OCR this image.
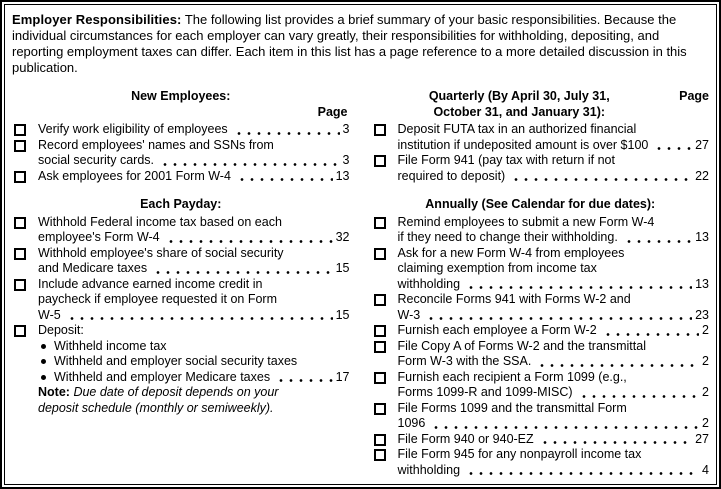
Employer Responsibilities: The following list provides a brief summary of your basic responsibilities. Because the individual circumstances for each employer can vary greatly, their responsibilities for withholding, depositing, and reporting employment taxes can differ. Each item in this list has a page reference to a more detailed discussion in this publication.

New Employees:
Page
Verify work eligibility of employees	3
Record employees' names and SSNs from
social security cards.	3
Ask employees for 2001 Form W-4	13
Each Payday:
Withhold Federal income tax based on each
employee's Form W-4	32
Withhold employee's share of social security
and Medicare taxes	15
Include advance earned income credit in
paycheck if employee requested it on Form
W-5	15
Deposit:
Withheld income tax
Withheld and employer social security taxes
Withheld and employer Medicare taxes	17
Note: Due date of deposit depends on your
deposit schedule (monthly or semiweekly).
Quarterly (By April 30, July 31,	Page
October 31, and January 31):
Deposit FUTA tax in an authorized financial
institution if undeposited amount is over $100	27
File Form 941 (pay tax with return if not
required to deposit)	22
Annually (See Calendar for due dates):
Remind employees to submit a new Form W-4
if they need to change their withholding.	13
Ask for a new Form W-4 from employees
claiming exemption from income tax
withholding	13
Reconcile Forms 941 with Forms W-2 and
W-3	23
Furnish each employee a Form W-2	2
File Copy A of Forms W-2 and the transmittal
Form W-3 with the SSA.	2
Furnish each recipient a Form 1099 (e.g.,
Forms 1099-R and 1099-MISC)	2
File Forms 1099 and the transmittal Form
1096	2
File Form 940 or 940-EZ	27
File Form 945 for any nonpayroll income tax
withholding	4
